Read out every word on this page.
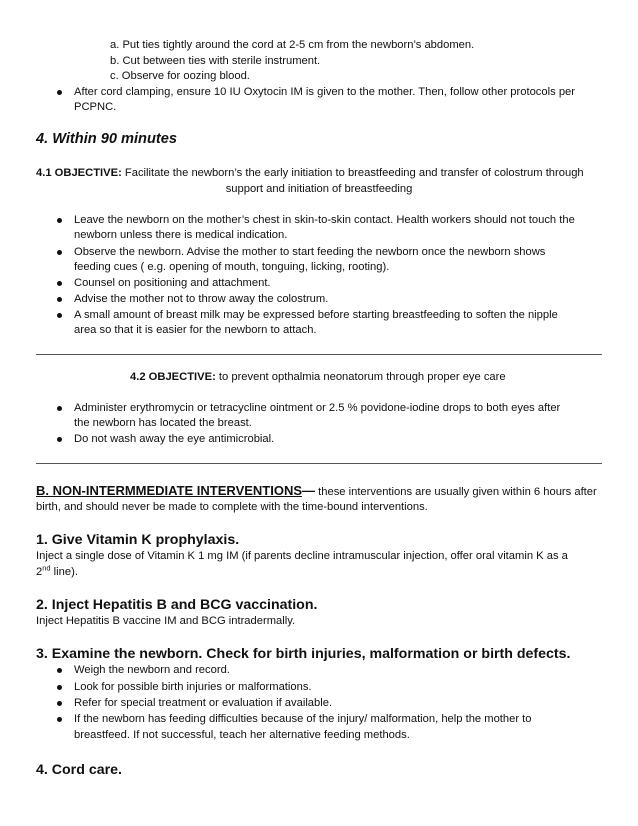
a. Put ties tightly around the cord at 2-5 cm from the newborn’s abdomen.
b. Cut between ties with sterile instrument.
c. Observe for oozing blood.
After cord clamping, ensure 10 IU Oxytocin IM is given to the mother. Then, follow other protocols per
PCPNC.
4. Within 90 minutes
4.1 OBJECTIVE: Facilitate the newborn’s the early initiation to breastfeeding and transfer of colostrum through
support and initiation of breastfeeding
Leave the newborn on the mother’s chest in skin-to-skin contact. Health workers should not touch the
newborn unless there is medical indication.
Observe the newborn. Advise the mother to start feeding the newborn once the newborn shows
feeding cues ( e.g. opening of mouth, tonguing, licking, rooting).
Counsel on positioning and attachment.
Advise the mother not to throw away the colostrum.
A small amount of breast milk may be expressed before starting breastfeeding to soften the nipple
area so that it is easier for the newborn to attach.
4.2 OBJECTIVE: to prevent opthalmia neonatorum through proper eye care
Administer erythromycin or tetracycline ointment or 2.5 % povidone-iodine drops to both eyes after
the newborn has located the breast.
Do not wash away the eye antimicrobial.
B. NON-INTERMMEDIATE INTERVENTIONS— these interventions are usually given within 6 hours after
birth, and should never be made to complete with the time-bound interventions.
1. Give Vitamin K prophylaxis.
Inject a single dose of Vitamin K 1 mg IM (if parents decline intramuscular injection, offer oral vitamin K as a
2nd line).
2. Inject Hepatitis B and BCG vaccination.
Inject Hepatitis B vaccine IM and BCG intradermally.
3. Examine the newborn. Check for birth injuries, malformation or birth defects.
Weigh the newborn and record.
Look for possible birth injuries or malformations.
Refer for special treatment or evaluation if available.
If the newborn has feeding difficulties because of the injury/ malformation, help the mother to
breastfeed. If not successful, teach her alternative feeding methods.
4. Cord care.
